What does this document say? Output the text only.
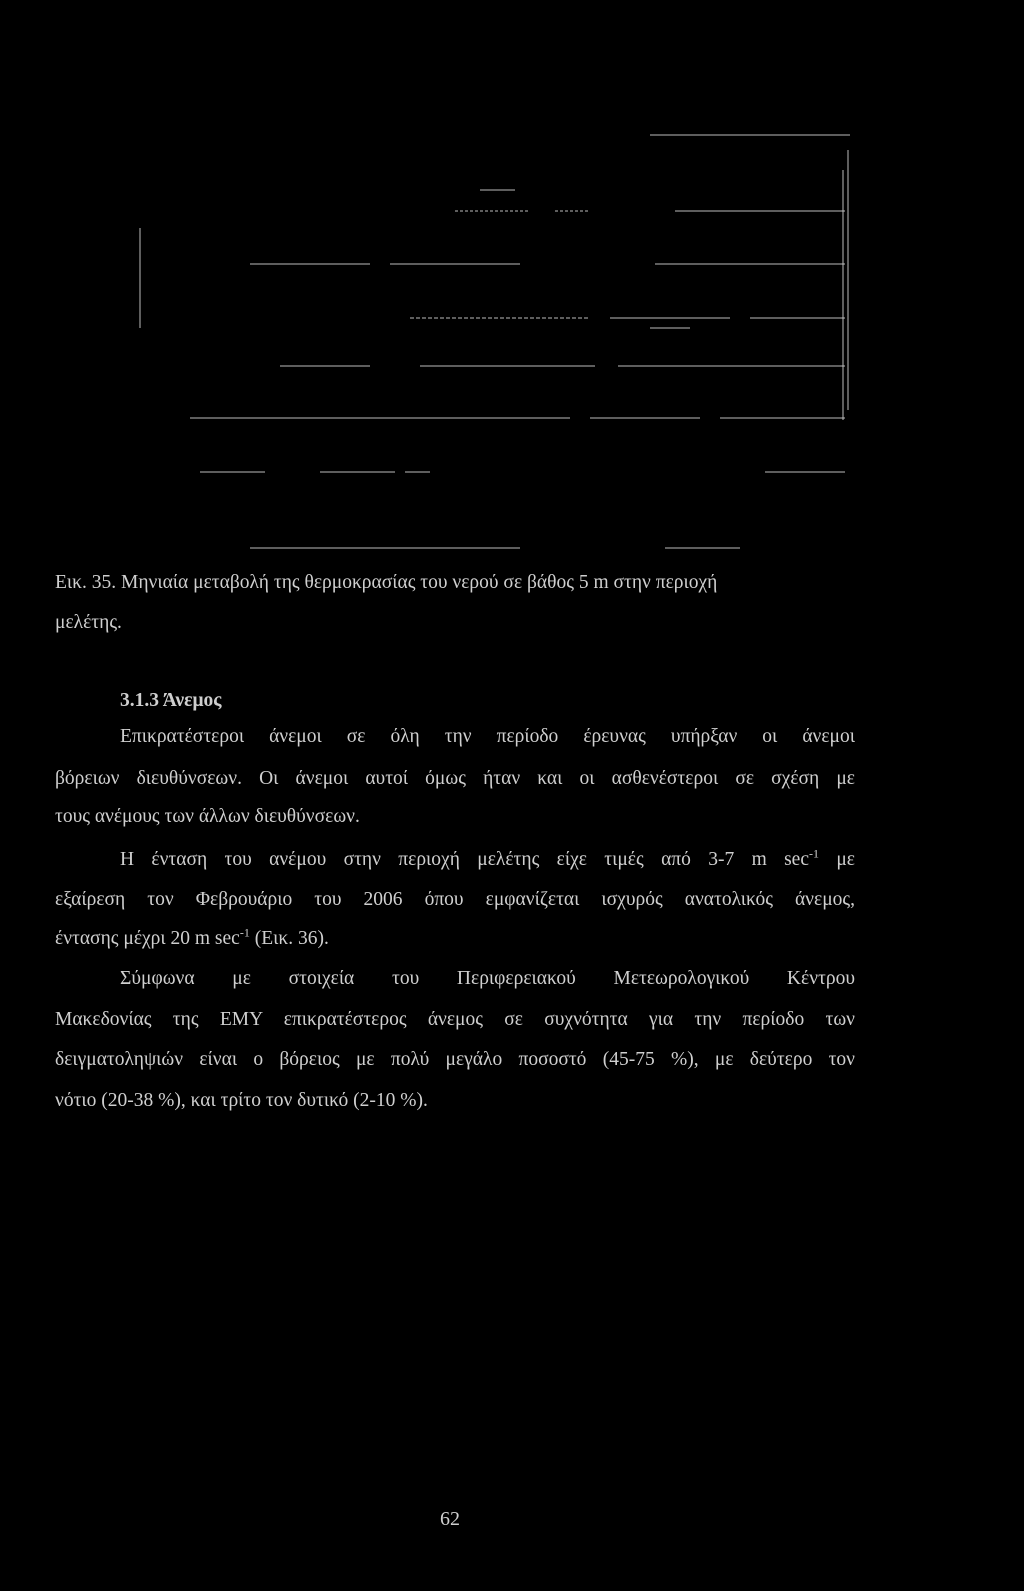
Εικ. 35. Μηνιαία μεταβολή της θερμοκρασίας του νερού σε βάθος 5 m στην περιοχή
μελέτης.
3.1.3 Άνεμος
Επικρατέστεροι άνεμοι σε όλη την περίοδο έρευνας υπήρξαν οι άνεμοι
βόρειων διευθύνσεων. Οι άνεμοι αυτοί όμως ήταν και οι ασθενέστεροι σε σχέση με
τους ανέμους των άλλων διευθύνσεων.
Η ένταση του ανέμου στην περιοχή μελέτης είχε τιμές από 3-7 m $\sec^{-1} \mu\varepsilon$
εξαίρεση τον Φεβρουάριο του 2006 όπου εμφανίζεται ισχυρός ανατολικός άνεμος,
έντασης μέχρι 20 m $\sec^{-1} (E\iota\kappa$. 36).
Σύμφωνα με στοιχεία του Περιφερειακού Μετεωρολογικού Κέντρου
Μακεδονίας της ΕΜΥ επικρατέστερος άνεμος σε συχνότητα για την περίοδο των
δειγματοληψιών είναι ο βόρειος με πολύ μεγάλο ποσοστό (45-75 %), με δεύτερο τον
νότιο (20-38 %), και τρίτο τον δυτικό (2-10 %).
62
